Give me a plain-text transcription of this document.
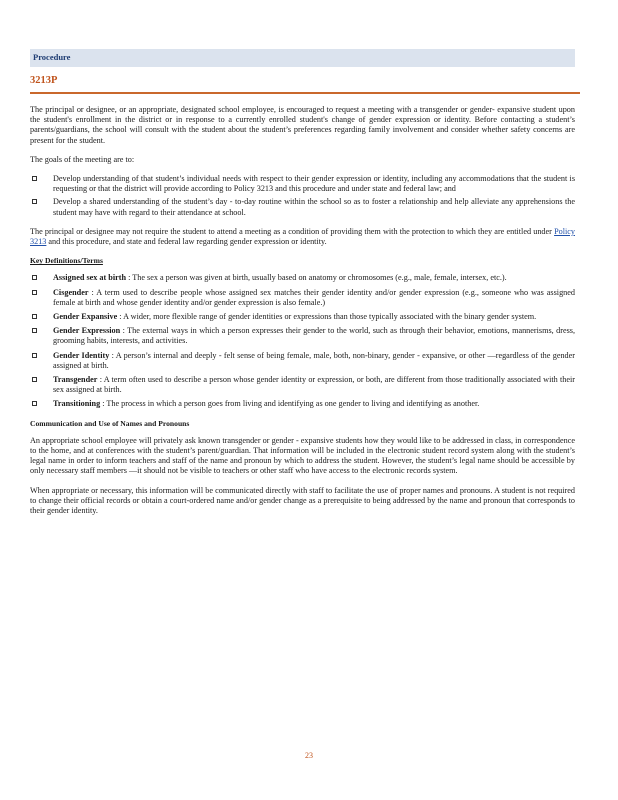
Procedure
3213P

The principal or designee, or an appropriate, designated school employee, is encouraged to request a meeting with a transgender or gender- expansive student upon the student's enrollment in the district or in response to a currently enrolled student's change of gender expression or identity. Before contacting a student’s parents/guardians, the school will consult with the student about the student’s preferences regarding family involvement and consider whether safety concerns are present for the student.

The goals of the meeting are to:

Develop understanding of that student’s individual needs with respect to their gender expression or identity, including any accommodations that the student is requesting or that the district will provide according to Policy 3213 and this procedure and under state and federal law; and
Develop a shared understanding of the student’s day - to-day routine within the school so as to foster a relationship and help alleviate any apprehensions the student may have with regard to their attendance at school.

The principal or designee may not require the student to attend a meeting as a condition of providing them with the protection to which they are entitled under Policy 3213 and this procedure, and state and federal law regarding gender expression or identity.

Key Definitions/Terms
Assigned sex at birth : The sex a person was given at birth, usually based on anatomy or chromosomes (e.g., male, female, intersex, etc.).
Cisgender : A term used to describe people whose assigned sex matches their gender identity and/or gender expression (e.g., someone who was assigned female at birth and whose gender identity and/or gender expression is also female.)
Gender Expansive : A wider, more flexible range of gender identities or expressions than those typically associated with the binary gender system.
Gender Expression : The external ways in which a person expresses their gender to the world, such as through their behavior, emotions, mannerisms, dress, grooming habits, interests, and activities.
Gender Identity : A person’s internal and deeply - felt sense of being female, male, both, non-binary, gender - expansive, or other —regardless of the gender assigned at birth.
Transgender : A term often used to describe a person whose gender identity or expression, or both, are different from those traditionally associated with their sex assigned at birth.
Transitioning : The process in which a person goes from living and identifying as one gender to living and identifying as another.
Communication and Use of Names and Pronouns

An appropriate school employee will privately ask known transgender or gender - expansive students how they would like to be addressed in class, in correspondence to the home, and at conferences with the student’s parent/guardian. That information will be included in the electronic student record system along with the student’s legal name in order to inform teachers and staff of the name and pronoun by which to address the student. However, the student’s legal name should be accessible by only necessary staff members —it should not be visible to teachers or other staff who have access to the electronic records system.

When appropriate or necessary, this information will be communicated directly with staff to facilitate the use of proper names and pronouns. A student is not required to change their official records or obtain a court-ordered name and/or gender change as a prerequisite to being addressed by the name and pronoun that corresponds to their gender identity.

23
